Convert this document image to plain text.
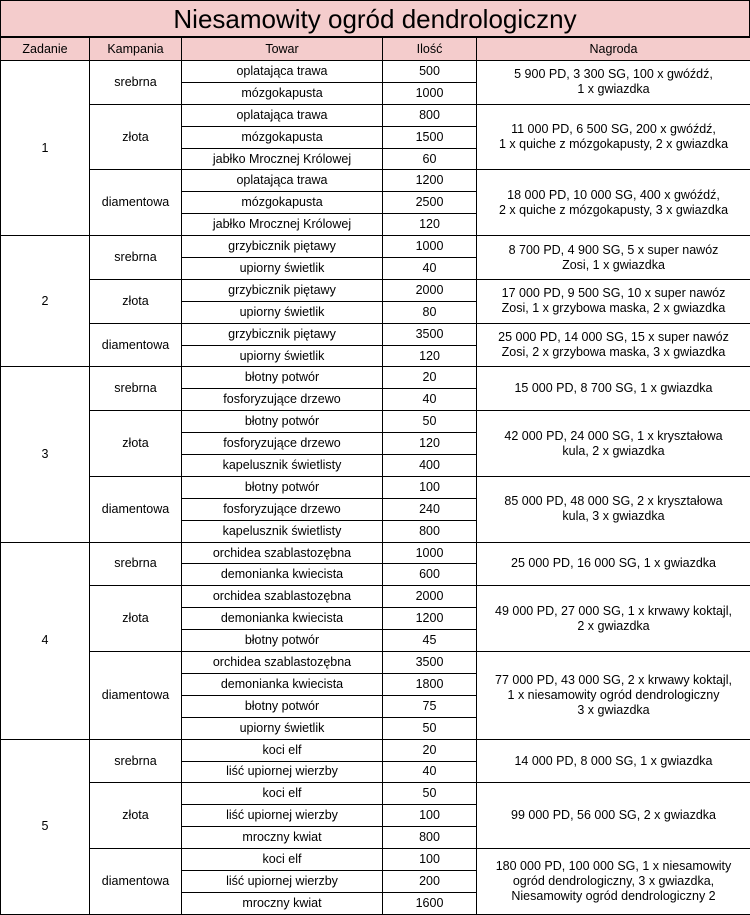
Niesamowity ogród dendrologiczny
Zadanie	Kampania	Towar	Ilość	Nagroda
1	srebrna	oplatająca trawa	500	5 900 PD, 3 300 SG, 100 x gwóźdź,
1 x gwiazdka

		mózgokapusta	1000	
	złota	oplatająca trawa	800	11 000 PD, 6 500 SG, 200 x gwóźdź,
1 x quiche z mózgokapusty, 2 x gwiazdka

		mózgokapusta	1500	
		jabłko Mrocznej Królowej	60	
	diamentowa	oplatająca trawa	1200	18 000 PD, 10 000 SG, 400 x gwóźdź,
2 x quiche z mózgokapusty, 3 x gwiazdka

		mózgokapusta	2500	
		jabłko Mrocznej Królowej	120	
2	srebrna	grzybicznik piętawy	1000	8 700 PD, 4 900 SG, 5 x super nawóz
Zosi, 1 x gwiazdka

		upiorny świetlik	40	
	złota	grzybicznik piętawy	2000	17 000 PD, 9 500 SG, 10 x super nawóz
Zosi, 1 x grzybowa maska, 2 x gwiazdka

		upiorny świetlik	80	
	diamentowa	grzybicznik piętawy	3500	25 000 PD, 14 000 SG, 15 x super nawóz
Zosi, 2 x grzybowa maska, 3 x gwiazdka

		upiorny świetlik	120	
3	srebrna	błotny potwór	20	15 000 PD, 8 700 SG, 1 x gwiazdka

		fosforyzujące drzewo	40	
	złota	błotny potwór	50	42 000 PD, 24 000 SG, 1 x kryształowa
kula, 2 x gwiazdka

		fosforyzujące drzewo	120	
		kapelusznik świetlisty	400	
	diamentowa	błotny potwór	100	85 000 PD, 48 000 SG, 2 x kryształowa
kula, 3 x gwiazdka

		fosforyzujące drzewo	240	
		kapelusznik świetlisty	800	
4	srebrna	orchidea szablastozębna	1000	25 000 PD, 16 000 SG, 1 x gwiazdka

		demonianka kwiecista	600	
	złota	orchidea szablastozębna	2000	49 000 PD, 27 000 SG, 1 x krwawy koktajl,
2 x gwiazdka

		demonianka kwiecista	1200	
		błotny potwór	45	
	diamentowa	orchidea szablastozębna	3500	77 000 PD, 43 000 SG, 2 x krwawy koktajl,
1 x niesamowity ogród dendrologiczny
3 x gwiazdka

		demonianka kwiecista	1800	
		błotny potwór	75	
		upiorny świetlik	50	
5	srebrna	koci elf	20	14 000 PD, 8 000 SG, 1 x gwiazdka

		liść upiornej wierzby	40	
	złota	koci elf	50	99 000 PD, 56 000 SG, 2 x gwiazdka

		liść upiornej wierzby	100	
		mroczny kwiat	800	
	diamentowa	koci elf	100	180 000 PD, 100 000 SG, 1 x niesamowity
ogród dendrologiczny, 3 x gwiazdka,
Niesamowity ogród dendrologiczny 2

		liść upiornej wierzby	200	
		mroczny kwiat	1600	
